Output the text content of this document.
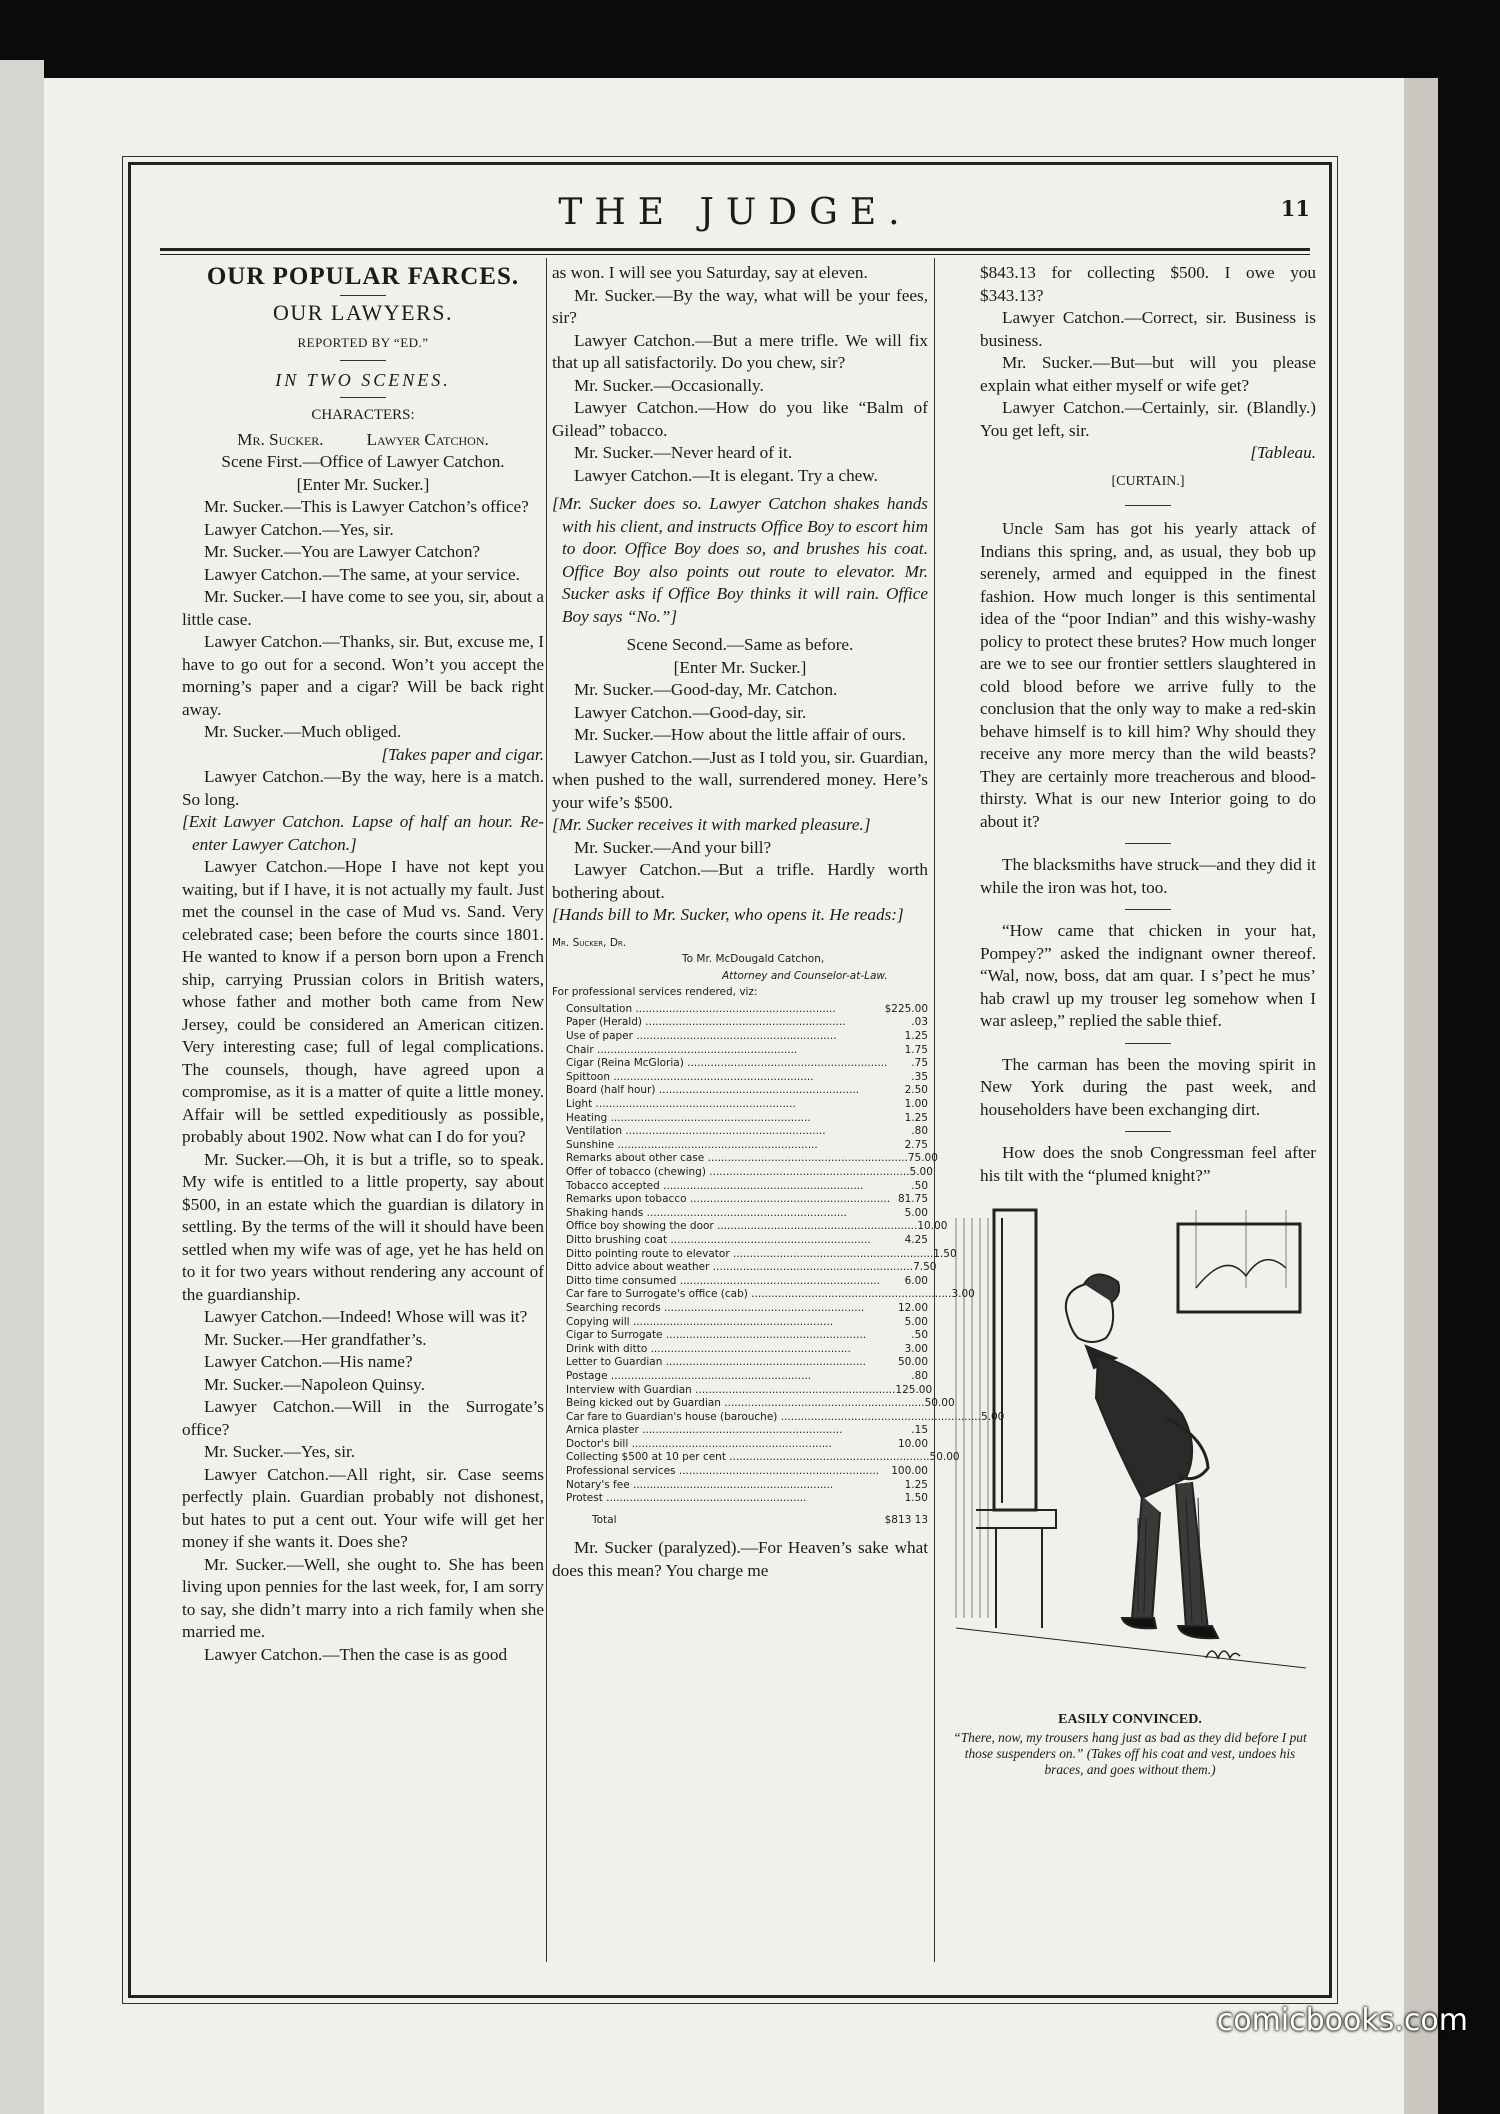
THE JUDGE.	11
OUR POPULAR FARCES.
OUR LAWYERS.
REPORTED BY “ED.”
IN TWO SCENES.
CHARACTERS:

Mr. Sucker.          Lawyer Catchon.

Scene First.—Office of Lawyer Catchon.

[Enter Mr. Sucker.]

Mr. Sucker.—This is Lawyer Catchon’s office?

Lawyer Catchon.—Yes, sir.

Mr. Sucker.—You are Lawyer Catchon?

Lawyer Catchon.—The same, at your service.

Mr. Sucker.—I have come to see you, sir, about a little case.

Lawyer Catchon.—Thanks, sir. But, excuse me, I have to go out for a second. Won’t you accept the morning’s paper and a cigar? Will be back right away.

Mr. Sucker.—Much obliged.

[Takes paper and cigar.

Lawyer Catchon.—By the way, here is a match. So long.

[Exit Lawyer Catchon. Lapse of half an hour. Re-enter Lawyer Catchon.]

Lawyer Catchon.—Hope I have not kept you waiting, but if I have, it is not actually my fault. Just met the counsel in the case of Mud vs. Sand. Very celebrated case; been before the courts since 1801. He wanted to know if a person born upon a French ship, carrying Prussian colors in British waters, whose father and mother both came from New Jersey, could be considered an American citizen. Very interesting case; full of legal complications. The counsels, though, have agreed upon a compromise, as it is a matter of quite a little money. Affair will be settled expeditiously as possible, probably about 1902. Now what can I do for you?

Mr. Sucker.—Oh, it is but a trifle, so to speak. My wife is entitled to a little property, say about $500, in an estate which the guardian is dilatory in settling. By the terms of the will it should have been settled when my wife was of age, yet he has held on to it for two years without rendering any account of the guardianship.

Lawyer Catchon.—Indeed! Whose will was it?

Mr. Sucker.—Her grandfather’s.

Lawyer Catchon.—His name?

Mr. Sucker.—Napoleon Quinsy.

Lawyer Catchon.—Will in the Surrogate’s office?

Mr. Sucker.—Yes, sir.

Lawyer Catchon.—All right, sir. Case seems perfectly plain. Guardian probably not dishonest, but hates to put a cent out. Your wife will get her money if she wants it. Does she?

Mr. Sucker.—Well, she ought to. She has been living upon pennies for the last week, for, I am sorry to say, she didn’t marry into a rich family when she married me.

Lawyer Catchon.—Then the case is as good

as won. I will see you Saturday, say at eleven.

Mr. Sucker.—By the way, what will be your fees, sir?

Lawyer Catchon.—But a mere trifle. We will fix that up all satisfactorily. Do you chew, sir?

Mr. Sucker.—Occasionally.

Lawyer Catchon.—How do you like “Balm of Gilead” tobacco.

Mr. Sucker.—Never heard of it.

Lawyer Catchon.—It is elegant. Try a chew.

[Mr. Sucker does so. Lawyer Catchon shakes hands with his client, and instructs Office Boy to escort him to door. Office Boy does so, and brushes his coat. Office Boy also points out route to elevator. Mr. Sucker asks if Office Boy thinks it will rain. Office Boy says “No.”]

Scene Second.—Same as before.

[Enter Mr. Sucker.]

Mr. Sucker.—Good-day, Mr. Catchon.

Lawyer Catchon.—Good-day, sir.

Mr. Sucker.—How about the little affair of ours.

Lawyer Catchon.—Just as I told you, sir. Guardian, when pushed to the wall, surrendered money. Here’s your wife’s $500.

[Mr. Sucker receives it with marked pleasure.]

Mr. Sucker.—And your bill?

Lawyer Catchon.—But a trifle. Hardly worth bothering about.

[Hands bill to Mr. Sucker, who opens it. He reads:]

Mr. Sucker, Dr.
To Mr. McDougald Catchon,
Attorney and Counselor-at-Law.
For professional services rendered, viz:
Consultation ............................................................	$225.00
Paper (Herald) ............................................................	.03
Use of paper ............................................................	1.25
Chair ............................................................	1.75
Cigar (Reina McGloria) ............................................................	.75
Spittoon ............................................................	.35
Board (half hour) ............................................................	2.50
Light ............................................................	1.00
Heating ............................................................	1.25
Ventilation ............................................................	.80
Sunshine ............................................................	2.75
Remarks about other case ............................................................ 75.00
Offer of tobacco (chewing) ............................................................ 5.00
Tobacco accepted ............................................................	.50
Remarks upon tobacco ............................................................ 81.75
Shaking hands ............................................................	5.00
Office boy showing the door ............................................................ 10.00
Ditto brushing coat ............................................................	4.25
Ditto pointing route to elevator ............................................................ 1.50
Ditto advice about weather ............................................................ 7.50
Ditto time consumed ............................................................	6.00
Car fare to Surrogate's office (cab) ............................................................ 3.00
Searching records ............................................................	12.00
Copying will ............................................................	5.00
Cigar to Surrogate ............................................................	.50
Drink with ditto ............................................................	3.00
Letter to Guardian ............................................................	50.00
Postage ............................................................	.80
Interview with Guardian ............................................................ 125.00
Being kicked out by Guardian ............................................................ 50.00
Car fare to Guardian's house (barouche) ............................................................ 5.00
Arnica plaster ............................................................	.15
Doctor's bill ............................................................	10.00
Collecting $500 at 10 per cent ............................................................ 50.00
Professional services ............................................................	100.00
Notary's fee ............................................................	1.25
Protest ............................................................	1.50
Total	$813 13

Mr. Sucker (paralyzed).—For Heaven’s sake what does this mean? You charge me

$843.13 for collecting $500. I owe you $343.13?

Lawyer Catchon.—Correct, sir. Business is business.

Mr. Sucker.—But—but will you please explain what either myself or wife get?

Lawyer Catchon.—Certainly, sir. (Blandly.) You get left, sir.

[Tableau.

[CURTAIN.]

Uncle Sam has got his yearly attack of Indians this spring, and, as usual, they bob up serenely, armed and equipped in the finest fashion. How much longer is this sentimental idea of the “poor Indian” and this wishy-washy policy to protect these brutes? How much longer are we to see our frontier settlers slaughtered in cold blood before we arrive fully to the conclusion that the only way to make a red-skin behave himself is to kill him? Why should they receive any more mercy than the wild beasts? They are certainly more treacherous and blood-thirsty. What is our new Interior going to do about it?

The blacksmiths have struck—and they did it while the iron was hot, too.

“How came that chicken in your hat, Pompey?” asked the indignant owner thereof. “Wal, now, boss, dat am quar. I s’pect he mus’ hab crawl up my trouser leg somehow when I war asleep,” replied the sable thief.

The carman has been the moving spirit in New York during the past week, and householders have been exchanging dirt.

How does the snob Congressman feel after his tilt with the “plumed knight?”

EASILY CONVINCED.
“There, now, my trousers hang just as bad as they did before I put those suspenders on.” (Takes off his coat and vest, undoes his braces, and goes without them.)
comicbooks.com
